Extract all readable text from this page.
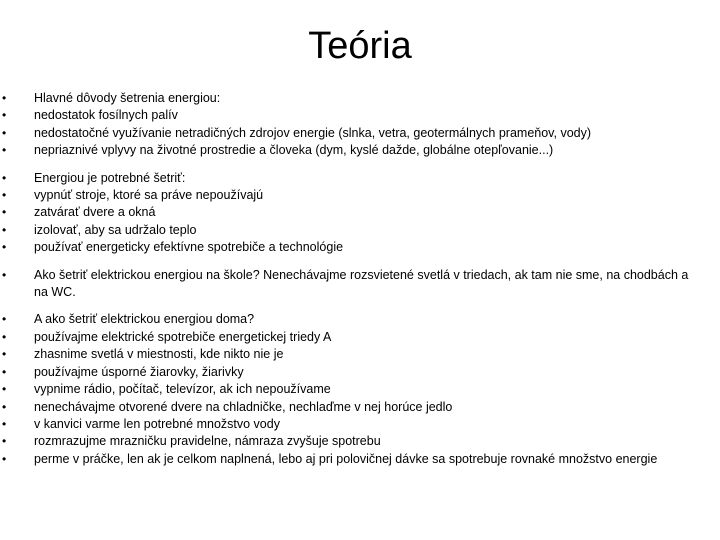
Teória
• Hlavné dôvody šetrenia energiou:
• nedostatok fosílnych palív
• nedostatočné využívanie netradičných zdrojov energie (slnka, vetra, geotermálnych prameňov, vody)
• nepriaznivé vplyvy na životné prostredie a človeka (dym, kyslé dažde, globálne otepľovanie...)
• Energiou je potrebné šetriť:
• vypnúť stroje, ktoré sa práve nepoužívajú
• zatvárať dvere a okná
• izolovať, aby sa udržalo teplo
• používať energeticky efektívne spotrebiče a technológie
• Ako šetriť elektrickou energiou na škole? Nenechávajme rozsvietené svetlá v triedach, ak tam nie sme, na chodbách a na WC.
• A ako šetriť elektrickou energiou doma?
• používajme elektrické spotrebiče energetickej triedy A
• zhasnime svetlá v miestnosti, kde nikto nie je
• používajme úsporné žiarovky, žiarivky
• vypnime rádio, počítač, televízor, ak ich nepoužívame
• nenechávajme otvorené dvere na chladničke, nechlaďme v nej horúce jedlo
• v kanvici varme len potrebné množstvo vody
• rozmrazujme mrazničku pravidelne, námraza zvyšuje spotrebu
• perme v práčke, len ak je celkom naplnená, lebo aj pri polovičnej dávke sa spotrebuje rovnaké množstvo energie
